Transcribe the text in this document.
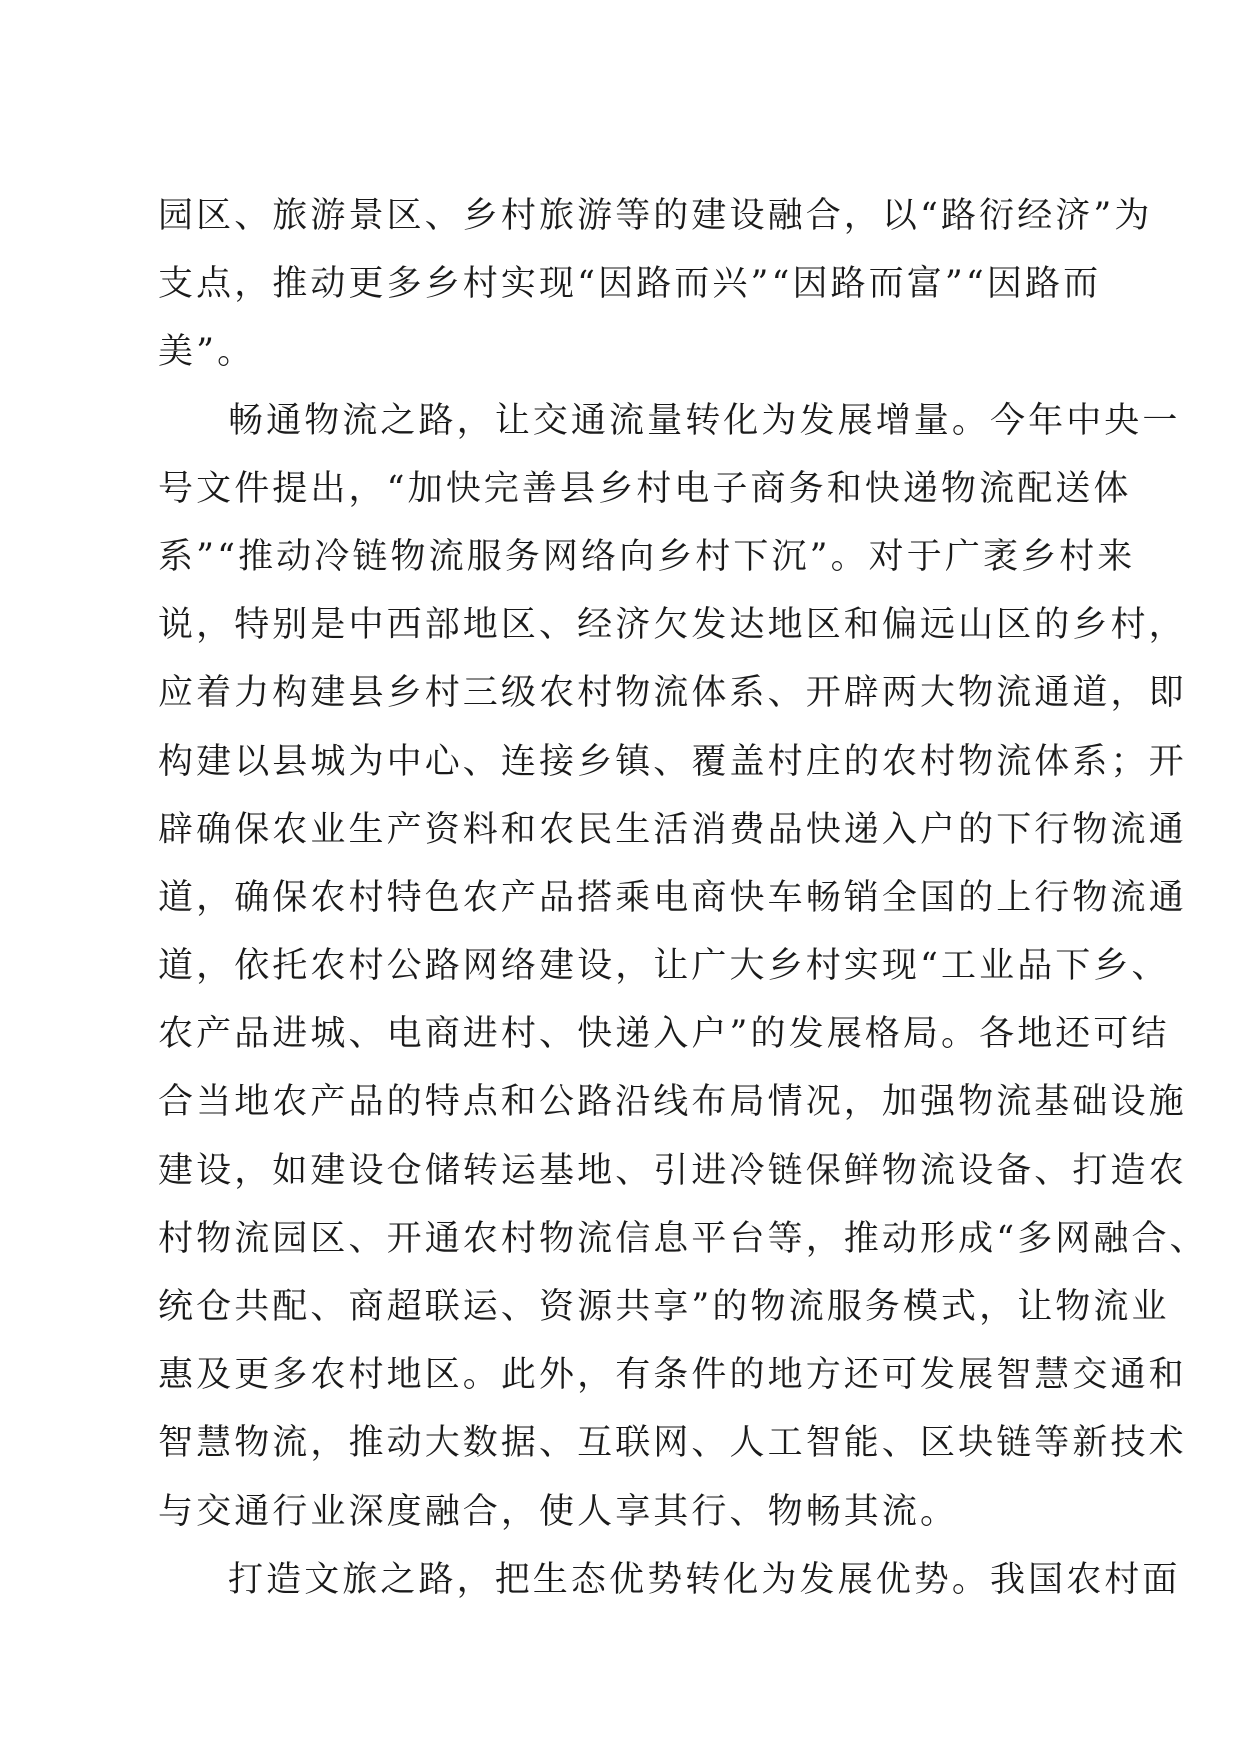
园区、旅游景区、乡村旅游等的建设融合，以“路衍经济”为
支点，推动更多乡村实现“因路而兴”“因路而富”“因路而
美”。
畅通物流之路，让交通流量转化为发展增量。今年中央一
号文件提出，“加快完善县乡村电子商务和快递物流配送体
系”“推动冷链物流服务网络向乡村下沉”。对于广袤乡村来
说，特别是中西部地区、经济欠发达地区和偏远山区的乡村，
应着力构建县乡村三级农村物流体系、开辟两大物流通道，即
构建以县城为中心、连接乡镇、覆盖村庄的农村物流体系；开
辟确保农业生产资料和农民生活消费品快递入户的下行物流通
道，确保农村特色农产品搭乘电商快车畅销全国的上行物流通
道，依托农村公路网络建设，让广大乡村实现“工业品下乡、
农产品进城、电商进村、快递入户”的发展格局。各地还可结
合当地农产品的特点和公路沿线布局情况，加强物流基础设施
建设，如建设仓储转运基地、引进冷链保鲜物流设备、打造农
村物流园区、开通农村物流信息平台等，推动形成“多网融合、
统仓共配、商超联运、资源共享”的物流服务模式，让物流业
惠及更多农村地区。此外，有条件的地方还可发展智慧交通和
智慧物流，推动大数据、互联网、人工智能、区块链等新技术
与交通行业深度融合，使人享其行、物畅其流。
打造文旅之路，把生态优势转化为发展优势。我国农村面
